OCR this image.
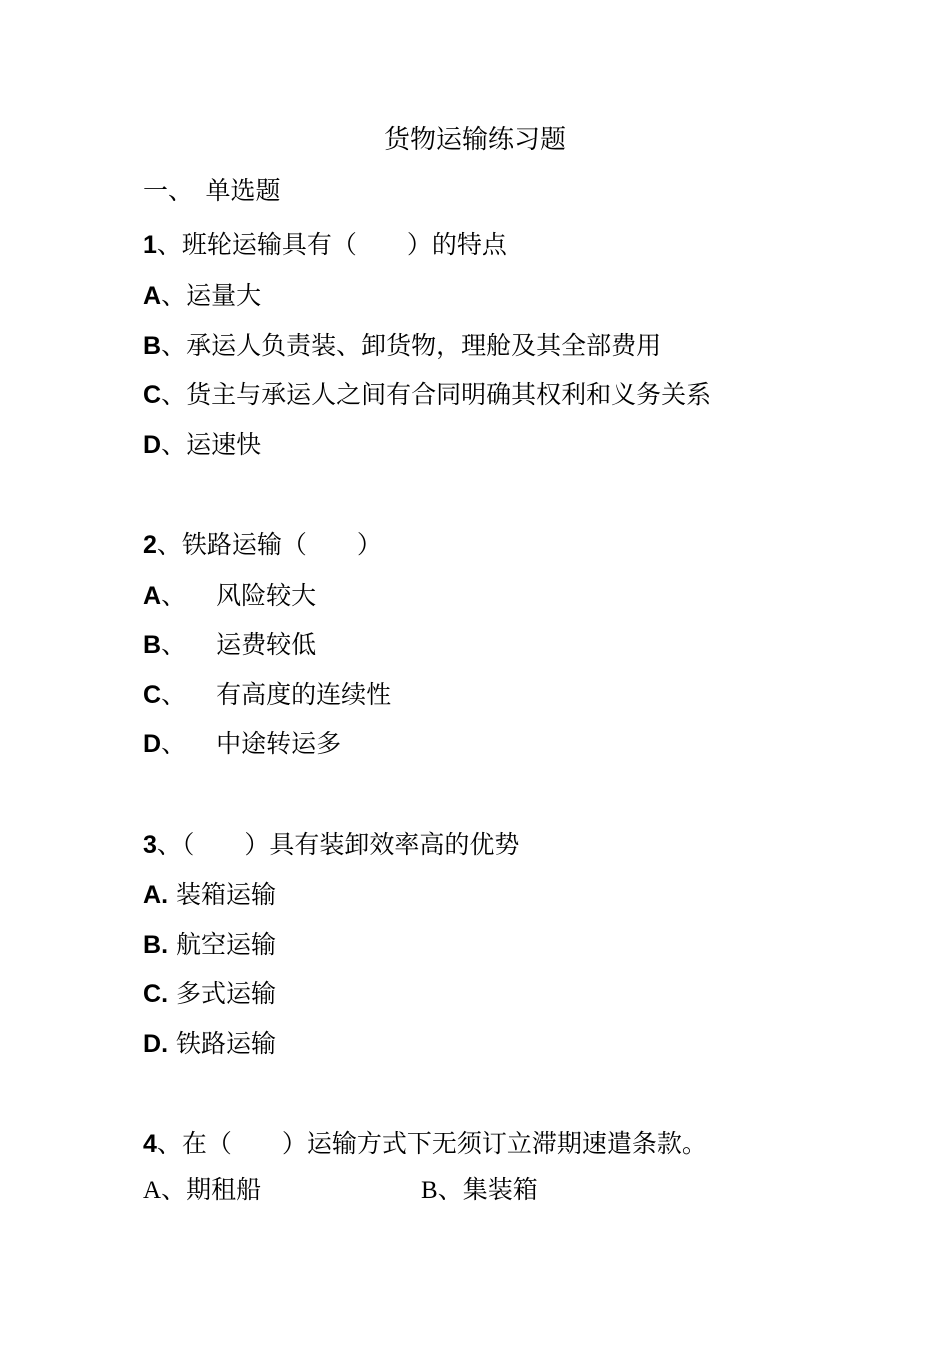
货物运输练习题
一、　单选题
1、班轮运输具有（　　）的特点
A、运量大
B、承运人负责装、卸货物，理舱及其全部费用
C、货主与承运人之间有合同明确其权利和义务关系
D、运速快
2、铁路运输（　　）
A、 风险较大
B、 运费较低
C、 有高度的连续性
D、 中途转运多
3、（　　）具有装卸效率高的优势
A. 装箱运输
B. 航空运输
C. 多式运输
D. 铁路运输
4、在（　　）运输方式下无须订立滞期速遣条款。
A、期租船	B、集装箱
